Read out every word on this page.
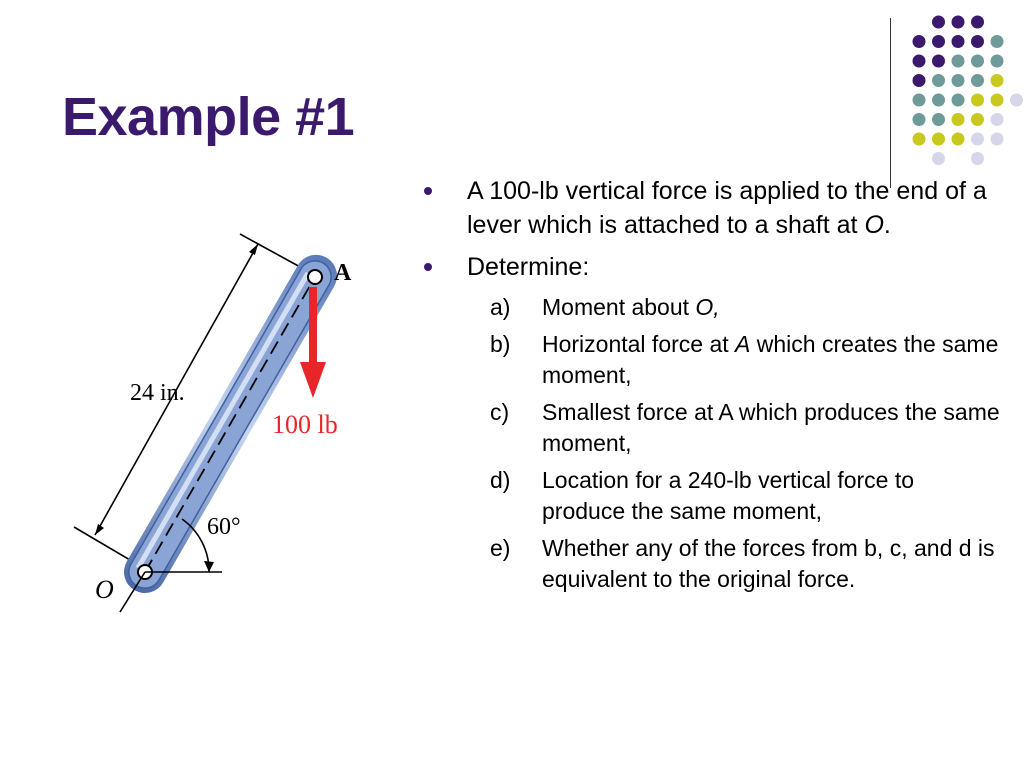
Example #1
A
O
24 in.
100 lb
60°
A 100-lb vertical force is applied to the end of a lever which is attached to a shaft at O.
Determine:
a) Moment about O,
b) Horizontal force at A which creates the same moment,
c) Smallest force at A which produces the same moment,
d) Location for a 240-lb vertical force to produce the same moment,
e) Whether any of the forces from b, c, and d is equivalent to the original force.
